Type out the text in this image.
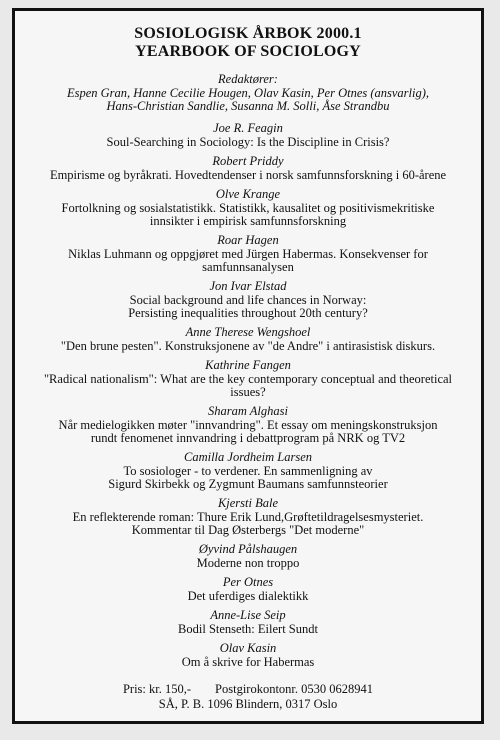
SOSIOLOGISK ÅRBOK 2000.1
YEARBOOK OF SOCIOLOGY
Redaktører:
Espen Gran, Hanne Cecilie Hougen, Olav Kasin, Per Otnes (ansvarlig),
Hans-Christian Sandlie, Susanna M. Solli, Åse Strandbu
Joe R. Feagin
Soul-Searching in Sociology: Is the Discipline in Crisis?
Robert Priddy
Empirisme og byråkrati. Hovedtendenser i norsk samfunnsforskning i 60-årene
Olve Krange
Fortolkning og sosialstatistikk. Statistikk, kausalitet og positivismekritiske
innsikter i empirisk samfunnsforskning
Roar Hagen
Niklas Luhmann og oppgjøret med Jürgen Habermas. Konsekvenser for samfunnsanalysen
Jon Ivar Elstad
Social background and life chances in Norway:
Persisting inequalities throughout 20th century?
Anne Therese Wengshoel
"Den brune pesten". Konstruksjonene av "de Andre" i antirasistisk diskurs.
Kathrine Fangen
"Radical nationalism": What are the key contemporary conceptual and theoretical issues?
Sharam Alghasi
Når medielogikken møter "innvandring". Et essay om meningskonstruksjon
rundt fenomenet innvandring i debattprogram på NRK og TV2
Camilla Jordheim Larsen
To sosiologer - to verdener. En sammenligning av
Sigurd Skirbekk og Zygmunt Baumans samfunnsteorier
Kjersti Bale
En reflekterende roman: Thure Erik Lund,Grøftetildragelsesmysteriet.
Kommentar til Dag Østerbergs "Det moderne"
Øyvind Pålshaugen
Moderne non troppo
Per Otnes
Det uferdiges dialektikk
Anne-Lise Seip
Bodil Stenseth: Eilert Sundt
Olav Kasin
Om å skrive for Habermas
Pris: kr. 150,- Postgirokontonr. 0530 0628941
SÅ, P. B. 1096 Blindern, 0317 Oslo
